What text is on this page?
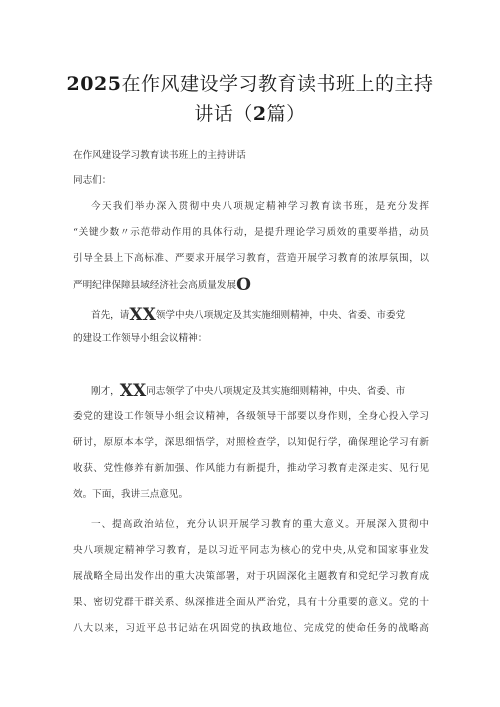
2025在作风建设学习教育读书班上的主持
讲话（2篇）
在作风建设学习教育读书班上的主持讲话
同志们：
今天我们举办深入贯彻中央八项规定精神学习教育读书班，是充分发挥
“关键少数〃示范带动作用的具体行动，是提升理论学习质效的重要举措，动员
引导全县上下高标准、严要求开展学习教育，营造开展学习教育的浓厚氛围，以
严明纪律保障县域经济社会高质量发展O
首先，请XX领学中央八项规定及其实施细则精神，中央、省委、市委党
的建设工作领导小组会议精神：
刚才，XX同志领学了中央八项规定及其实施细则精神，中央、省委、市
委党的建设工作领导小组会议精神，各级领导干部要以身作则，全身心投入学习
研讨，原原本本学，深思细悟学，对照检查学，以知促行学，确保理论学习有新
收获、党性修养有新加强、作风能力有新提升，推动学习教育走深走实、见行见
效。下面，我讲三点意见。
一、提高政治站位，充分认识开展学习教育的重大意义。开展深入贯彻中
央八项规定精神学习教育，是以习近平同志为核心的党中央,从党和国家事业发
展战略全局出发作出的重大决策部署，对于巩固深化主题教育和党纪学习教育成
果、密切党群干群关系、纵深推进全面从严治党，具有十分重要的意义。党的十
八大以来，习近平总书记站在巩固党的执政地位、完成党的使命任务的战略高
